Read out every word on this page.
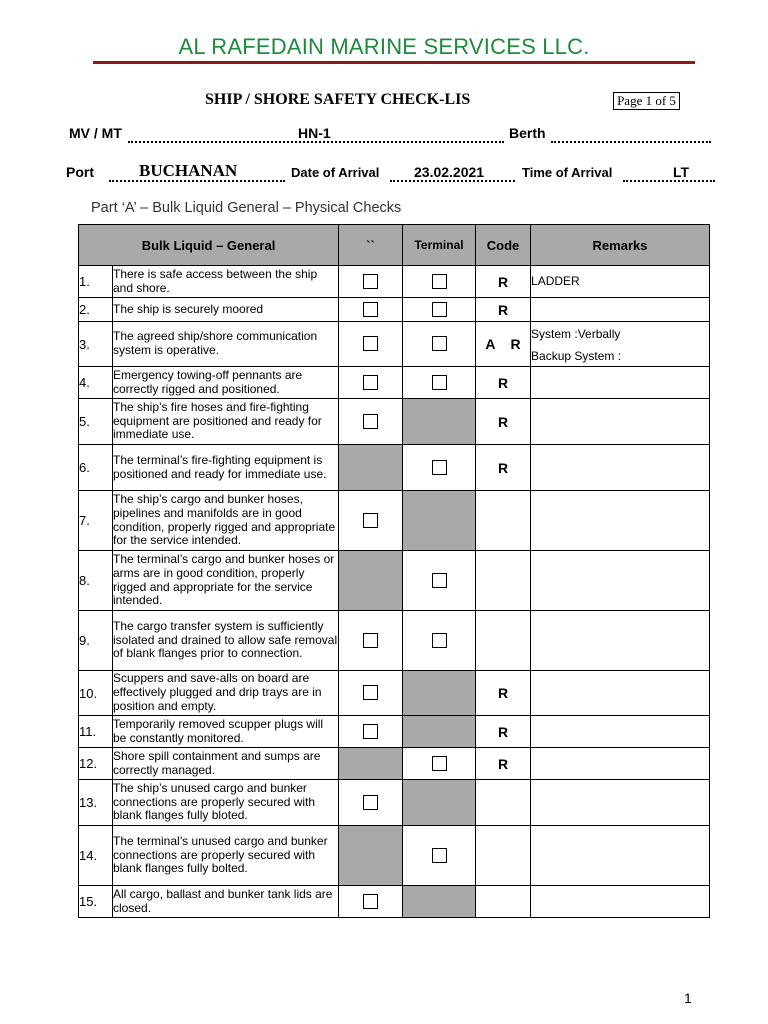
AL RAFEDAIN MARINE SERVICES LLC.
SHIP / SHORE SAFETY CHECK-LIS	Page 1 of 5
MV / MT	HN-1	Berth
Port	BUCHANAN	Date of Arrival 23.02.2021	Time of Arrival	LT
Part ‘A’ – Bulk Liquid General – Physical Checks
Bulk Liquid – General		``	Terminal	Code	Remarks
1.	There is safe access between the ship and shore.			R	LADDER

2.	The ship is securely moored			R	
3.	The agreed ship/shore communication system is operative.			A    R	System :Verbally
Backup System :

4.	Emergency towing-off pennants are correctly rigged and positioned.			R	
5.	The ship’s fire hoses and fire-fighting equipment are positioned and ready for immediate use.			R	
6.	The terminal’s fire-fighting equipment is positioned and ready for immediate use.			R	
7.	The ship’s cargo and bunker hoses, pipelines and manifolds are in good condition, properly rigged and appropriate for the service intended.				
8.	The terminal’s cargo and bunker hoses or arms are in good condition, properly rigged and appropriate for the service intended.				
9.	The cargo transfer system is sufficiently isolated and drained to allow safe removal of blank flanges prior to connection.				
10.	Scuppers and save-alls on board are effectively plugged and drip trays are in position and empty.			R	
11.	Temporarily removed scupper plugs will be constantly monitored.			R	
12.	Shore spill containment and sumps are correctly managed.			R	
13.	The ship’s unused cargo and bunker connections are properly secured with blank flanges fully bloted.				
14.	The terminal’s unused cargo and bunker connections are properly secured with blank flanges fully bolted.				
15.	All cargo, ballast and bunker tank lids are closed.				
1
